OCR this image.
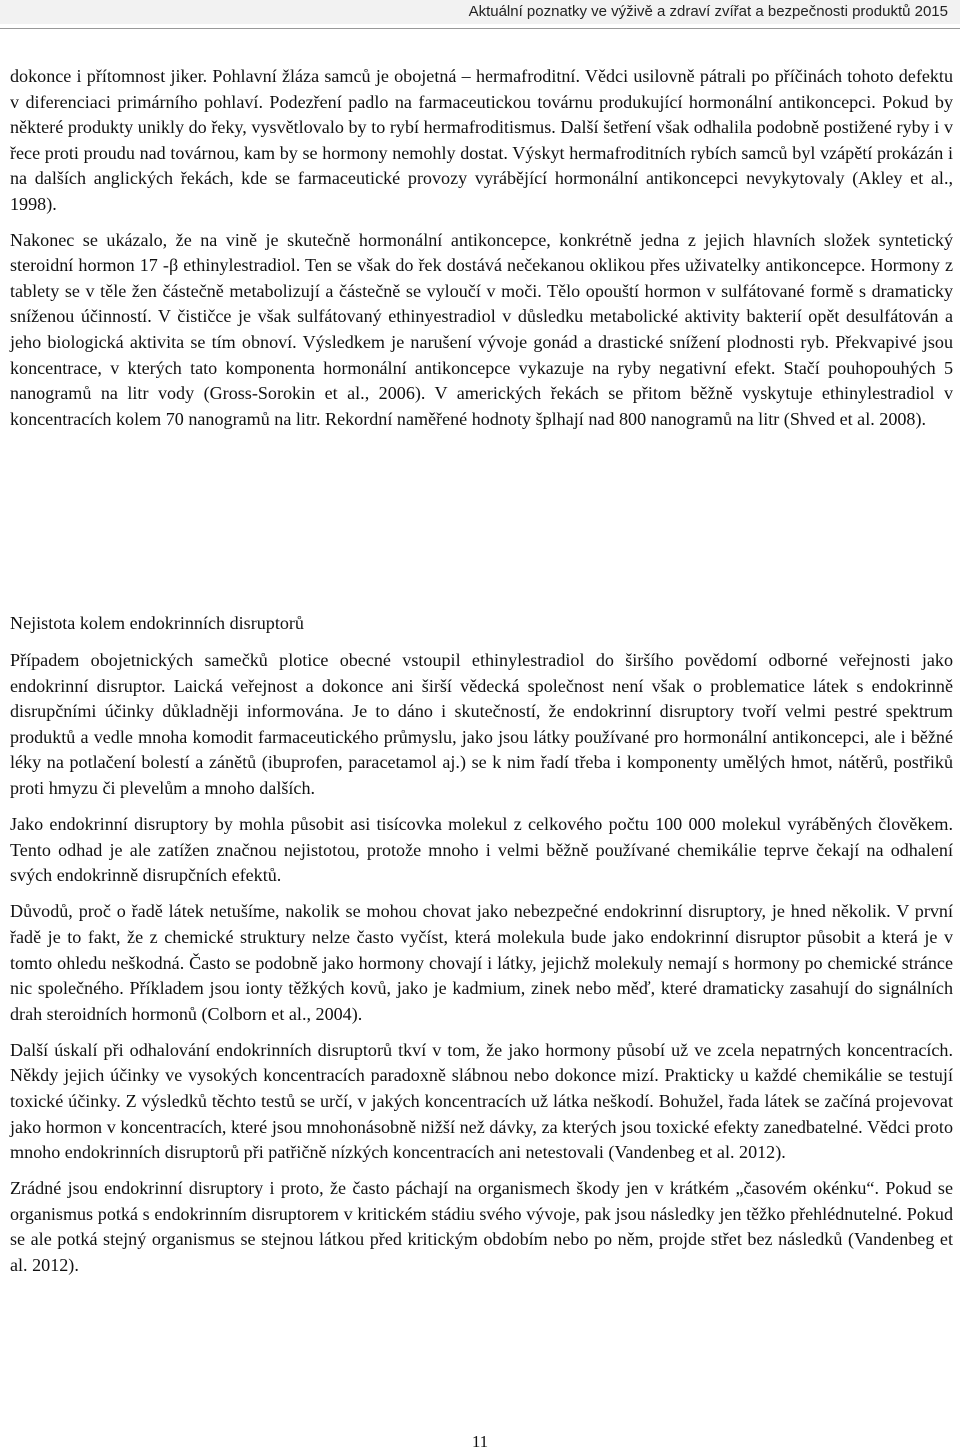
Aktuální poznatky ve výživě a zdraví zvířat a bezpečnosti produktů 2015

dokonce i přítomnost jiker. Pohlavní žláza samců je obojetná – hermafroditní. Vědci usilovně pátrali po příčinách tohoto defektu v diferenciaci primárního pohlaví. Podezření padlo na farmaceutickou továrnu produkující hormonální antikoncepci. Pokud by některé produkty unikly do řeky, vysvětlovalo by to rybí hermafroditismus. Další šetření však odhalila podobně postižené ryby i v řece proti proudu nad továrnou, kam by se hormony nemohly dostat. Výskyt hermafroditních rybích samců byl vzápětí prokázán i na dalších anglických řekách, kde se farmaceutické provozy vyrábějící hormonální antikoncepci nevykytovaly (Akley et al., 1998).

Nakonec se ukázalo, že na vině je skutečně hormonální antikoncepce, konkrétně jedna z jejich hlavních složek syntetický steroidní hormon 17 -β ethinylestradiol. Ten se však do řek dostává nečekanou oklikou přes uživatelky antikoncepce. Hormony z tablety se v těle žen částečně metabolizují a částečně se vyloučí v moči. Tělo opouští hormon v sulfátované formě s dramaticky sníženou účinností. V čističce je však sulfátovaný ethinyestradiol v důsledku metabolické aktivity bakterií opět desulfátován a jeho biologická aktivita se tím obnoví. Výsledkem je narušení vývoje gonád a drastické snížení plodnosti ryb. Překvapivé jsou koncentrace, v kterých tato komponenta hormonální antikoncepce vykazuje na ryby negativní efekt. Stačí pouhopouhých 5 nanogramů na litr vody (Gross-Sorokin et al., 2006). V amerických řekách se přitom běžně vyskytuje ethinylestradiol v koncentracích kolem 70 nanogramů na litr. Rekordní naměřené hodnoty šplhají nad 800 nanogramů na litr (Shved et al. 2008).

Nejistota kolem endokrinních disruptorů

Případem obojetnických samečků plotice obecné vstoupil ethinylestradiol do širšího povědomí odborné veřejnosti jako endokrinní disruptor. Laická veřejnost a dokonce ani širší vědecká společnost není však o problematice látek s endokrinně disrupčními účinky důkladněji informována. Je to dáno i skutečností, že endokrinní disruptory tvoří velmi pestré spektrum produktů a vedle mnoha komodit farmaceutického průmyslu, jako jsou látky používané pro hormonální antikoncepci, ale i běžné léky na potlačení bolestí a zánětů (ibuprofen, paracetamol aj.) se k nim řadí třeba i komponenty umělých hmot, nátěrů, postřiků proti hmyzu či plevelům a mnoho dalších.

Jako endokrinní disruptory by mohla působit asi tisícovka molekul z celkového počtu 100 000 molekul vyráběných člověkem. Tento odhad je ale zatížen značnou nejistotou, protože mnoho i velmi běžně používané chemikálie teprve čekají na odhalení svých endokrinně disrupčních efektů.

Důvodů, proč o řadě látek netušíme, nakolik se mohou chovat jako nebezpečné endokrinní disruptory, je hned několik. V první řadě je to fakt, že z chemické struktury nelze často vyčíst, která molekula bude jako endokrinní disruptor působit a která je v tomto ohledu neškodná. Často se podobně jako hormony chovají i látky, jejichž molekuly nemají s hormony po chemické stránce nic společného. Příkladem jsou ionty těžkých kovů, jako je kadmium, zinek nebo měď, které dramaticky zasahují do signálních drah steroidních hormonů (Colborn et al., 2004).

Další úskalí při odhalování endokrinních disruptorů tkví v tom, že jako hormony působí už ve zcela nepatrných koncentracích. Někdy jejich účinky ve vysokých koncentracích paradoxně slábnou nebo dokonce mizí. Prakticky u každé chemikálie se testují toxické účinky. Z výsledků těchto testů se určí, v jakých koncentracích už látka neškodí. Bohužel, řada látek se začíná projevovat jako hormon v koncentracích, které jsou mnohonásobně nižší než dávky, za kterých jsou toxické efekty zanedbatelné. Vědci proto mnoho endokrinních disruptorů při patřičně nízkých koncentracích ani netestovali (Vandenbeg et al. 2012).

Zrádné jsou endokrinní disruptory i proto, že často páchají na organismech škody jen v krátkém „časovém okénku“. Pokud se organismus potká s endokrinním disruptorem v kritickém stádiu svého vývoje, pak jsou následky jen těžko přehlédnutelné. Pokud se ale potká stejný organismus se stejnou látkou před kritickým obdobím nebo po něm, projde střet bez následků (Vandenbeg et al. 2012).

11
